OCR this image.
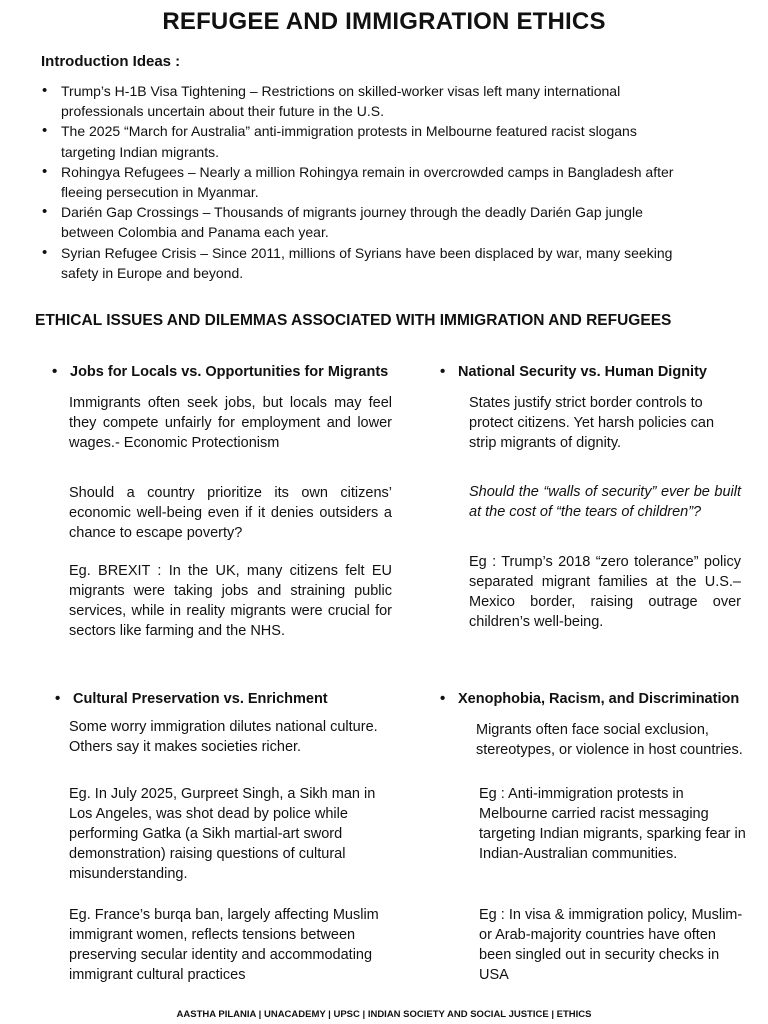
REFUGEE AND IMMIGRATION ETHICS
Introduction Ideas :
• Trump’s H-1B Visa Tightening – Restrictions on skilled-worker visas left many international professionals uncertain about their future in the U.S.
• The 2025 “March for Australia” anti-immigration protests in Melbourne featured racist slogans targeting Indian migrants.
• Rohingya Refugees – Nearly a million Rohingya remain in overcrowded camps in Bangladesh after fleeing persecution in Myanmar.
• Darién Gap Crossings – Thousands of migrants journey through the deadly Darién Gap jungle between Colombia and Panama each year.
• Syrian Refugee Crisis – Since 2011, millions of Syrians have been displaced by war, many seeking safety in Europe and beyond.
ETHICAL ISSUES AND DILEMMAS ASSOCIATED WITH IMMIGRATION AND REFUGEES
• Jobs for Locals vs. Opportunities for Migrants

Immigrants often seek jobs, but locals may feel they compete unfairly for employment and lower wages.- Economic Protectionism

Should a country prioritize its own citizens’ economic well-being even if it denies outsiders a chance to escape poverty?

Eg. BREXIT : In the UK, many citizens felt EU migrants were taking jobs and straining public services, while in reality migrants were crucial for sectors like farming and the NHS.

• National Security vs. Human Dignity

States justify strict border controls to protect citizens. Yet harsh policies can strip migrants of dignity.

Should the “walls of security” ever be built at the cost of “the tears of children”?

Eg : Trump’s 2018 “zero tolerance” policy separated migrant families at the U.S.–Mexico border, raising outrage over children’s well-being.

• Cultural Preservation vs. Enrichment

Some worry immigration dilutes national culture. Others say it makes societies richer.

Eg. In July 2025, Gurpreet Singh, a Sikh man in Los Angeles, was shot dead by police while performing Gatka (a Sikh martial-art sword demonstration) raising questions of cultural misunderstanding.

Eg. France’s burqa ban, largely affecting Muslim immigrant women, reflects tensions between preserving secular identity and accommodating immigrant cultural practices

• Xenophobia, Racism, and Discrimination

Migrants often face social exclusion, stereotypes, or violence in host countries.

Eg : Anti-immigration protests in Melbourne carried racist messaging targeting Indian migrants, sparking fear in Indian-Australian communities.

Eg : In visa & immigration policy, Muslim- or Arab-majority countries have often been singled out in security checks in USA

AASTHA PILANIA | UNACADEMY | UPSC | INDIAN SOCIETY AND SOCIAL JUSTICE | ETHICS
